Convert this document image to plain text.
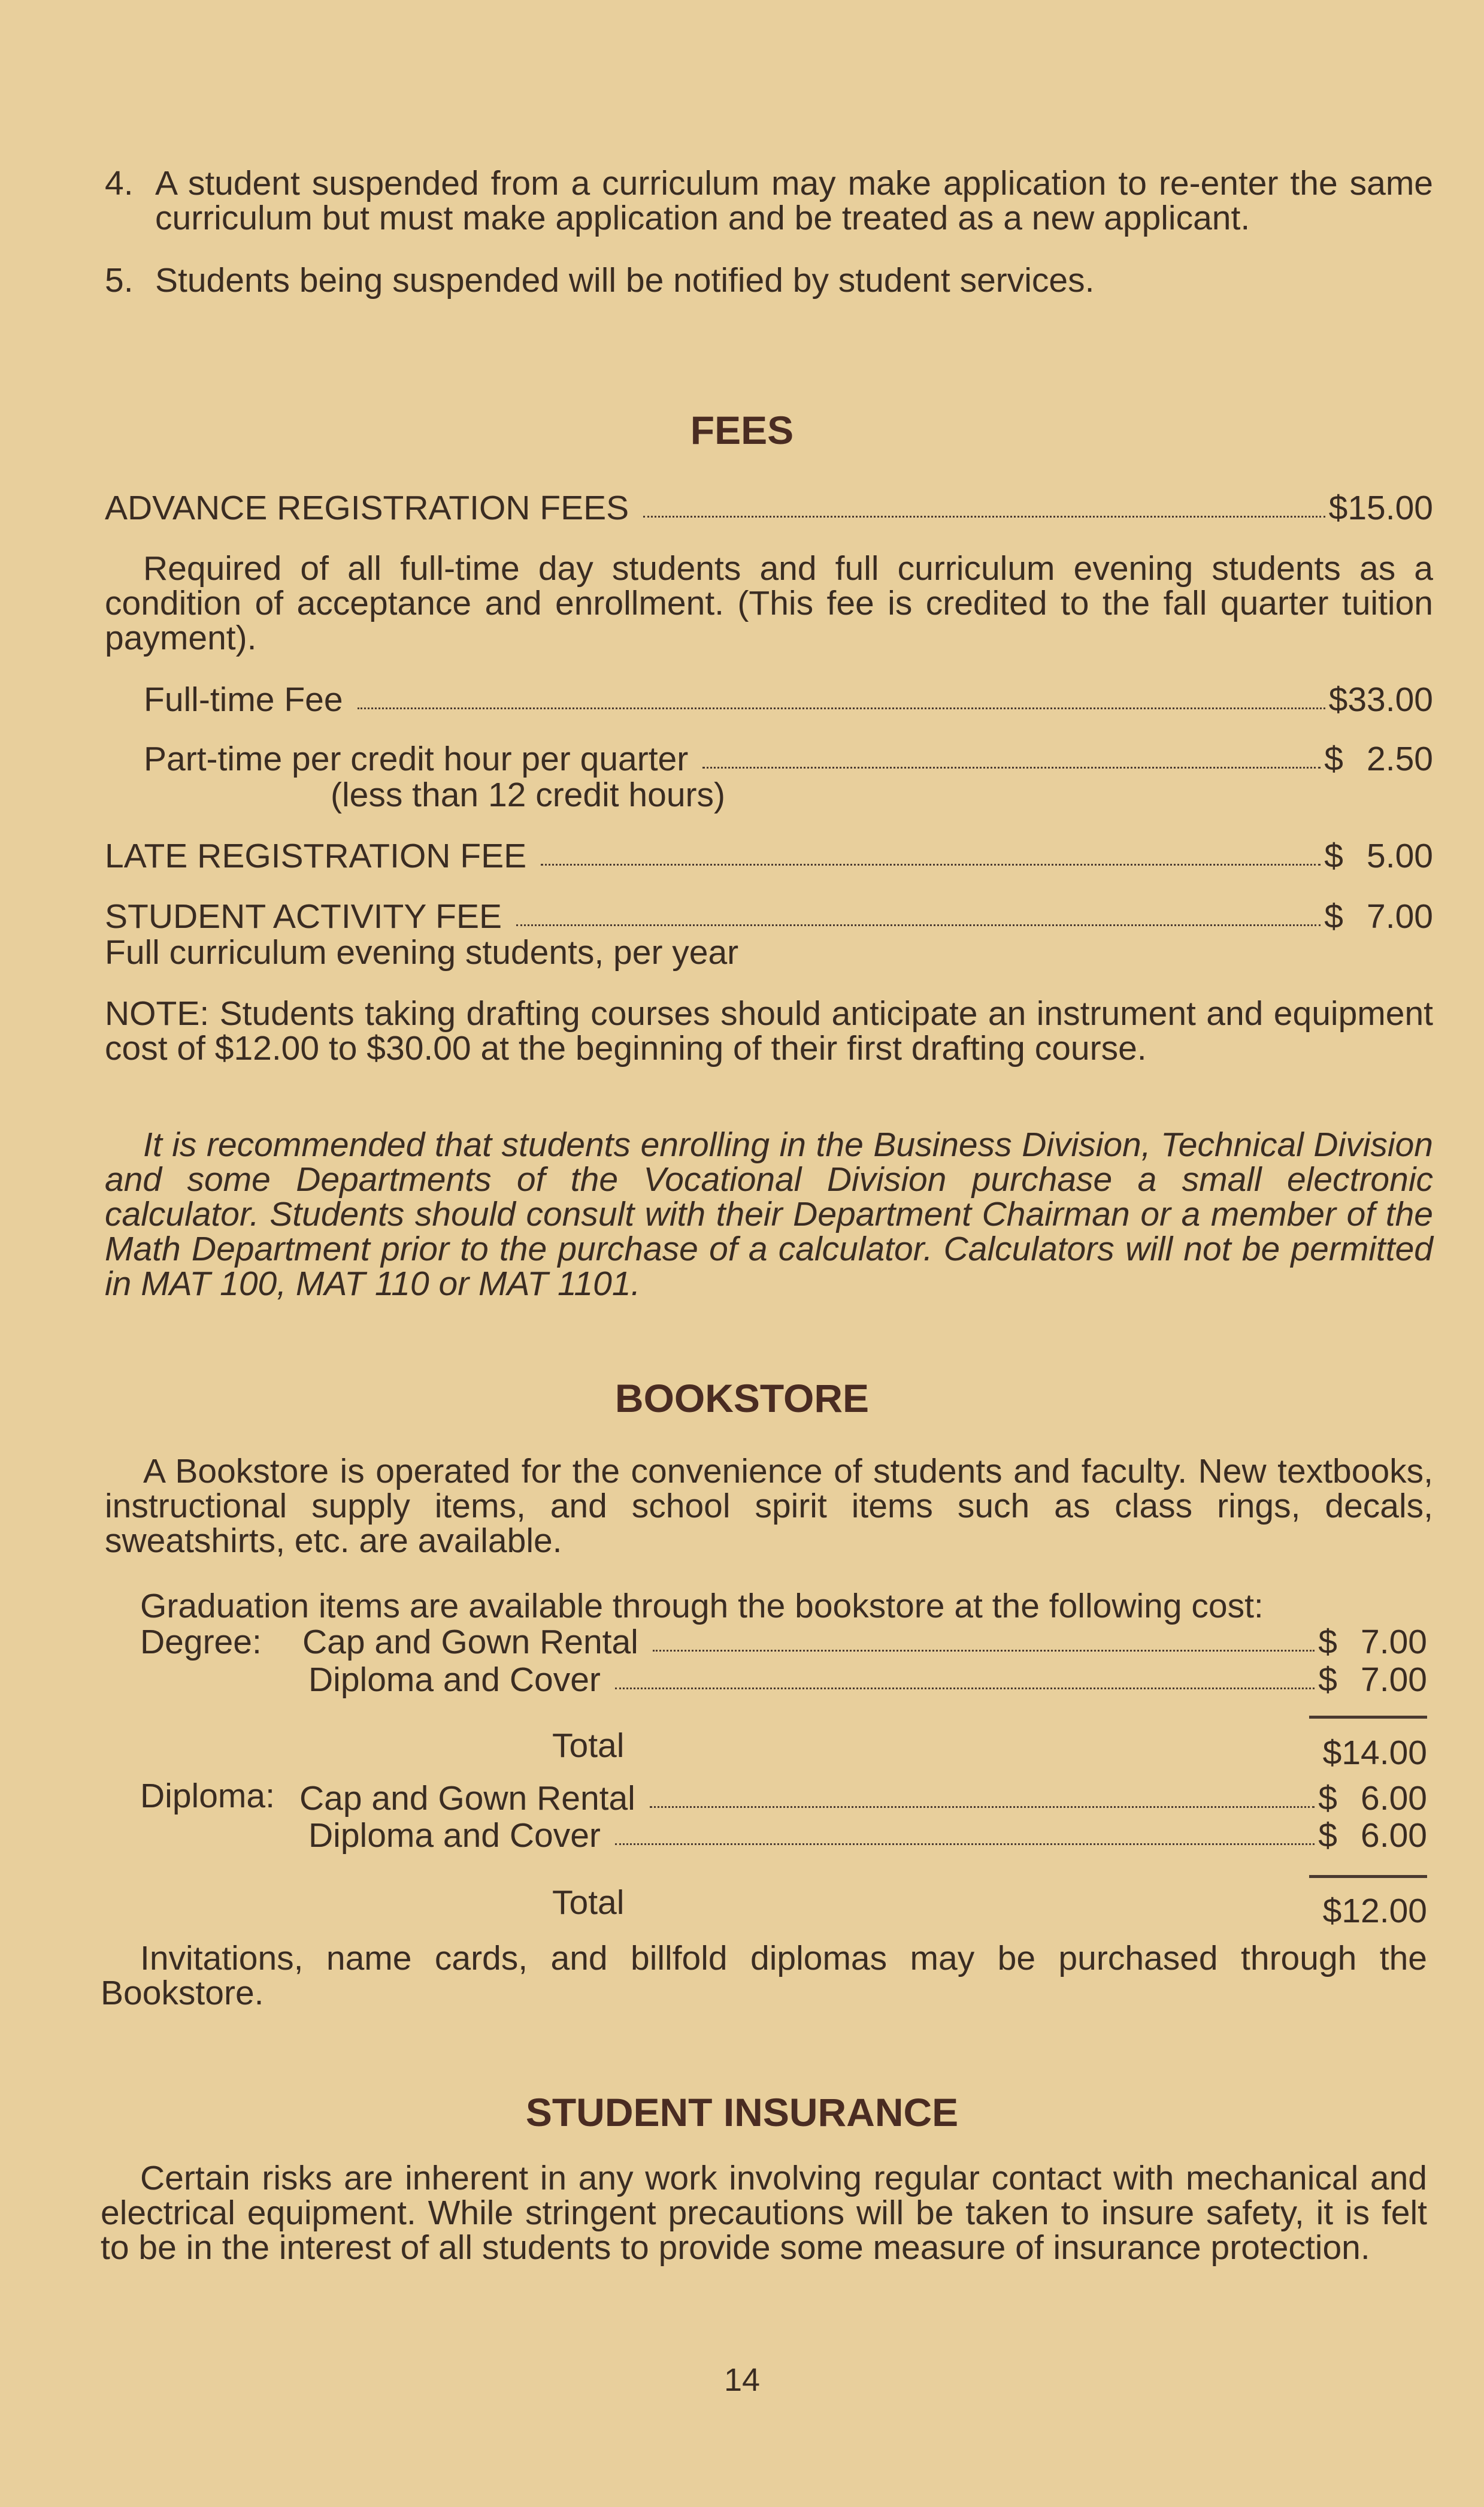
4. A student suspended from a curriculum may make application to re-enter the same curriculum but must make application and be treated as a new applicant.
5. Students being suspended will be notified by student services.
FEES
ADVANCE REGISTRATION FEES	$15.00
Required of all full-time day students and full curriculum evening students as a condition of acceptance and enrollment. (This fee is credited to the fall quarter tuition payment).
Full-time Fee	$33.00
Part-time per credit hour per quarter	$ 2.50
(less than 12 credit hours)
LATE REGISTRATION FEE	$ 5.00
STUDENT ACTIVITY FEE	$ 7.00
Full curriculum evening students, per year
NOTE: Students taking drafting courses should anticipate an instrument and equipment cost of $12.00 to $30.00 at the beginning of their first drafting course.
It is recommended that students enrolling in the Business Division, Technical Division and some Departments of the Vocational Division purchase a small electronic calculator. Students should consult with their Department Chairman or a member of the Math Department prior to the purchase of a calculator. Calculators will not be permitted in MAT 100, MAT 110 or MAT 1101.
BOOKSTORE
A Bookstore is operated for the convenience of students and faculty. New textbooks, instructional supply items, and school spirit items such as class rings, decals, sweatshirts, etc. are available.
Graduation items are available through the bookstore at the following cost:
Degree: Cap and Gown Rental	$ 7.00
Diploma and Cover	$ 7.00
Total	$14.00
Diploma: Cap and Gown Rental	$ 6.00
Diploma and Cover	$ 6.00
Total	$12.00
Invitations, name cards, and billfold diplomas may be purchased through the Bookstore.
STUDENT INSURANCE
Certain risks are inherent in any work involving regular contact with mechanical and electrical equipment. While stringent precautions will be taken to insure safety, it is felt to be in the interest of all students to provide some measure of insurance protection.
14
